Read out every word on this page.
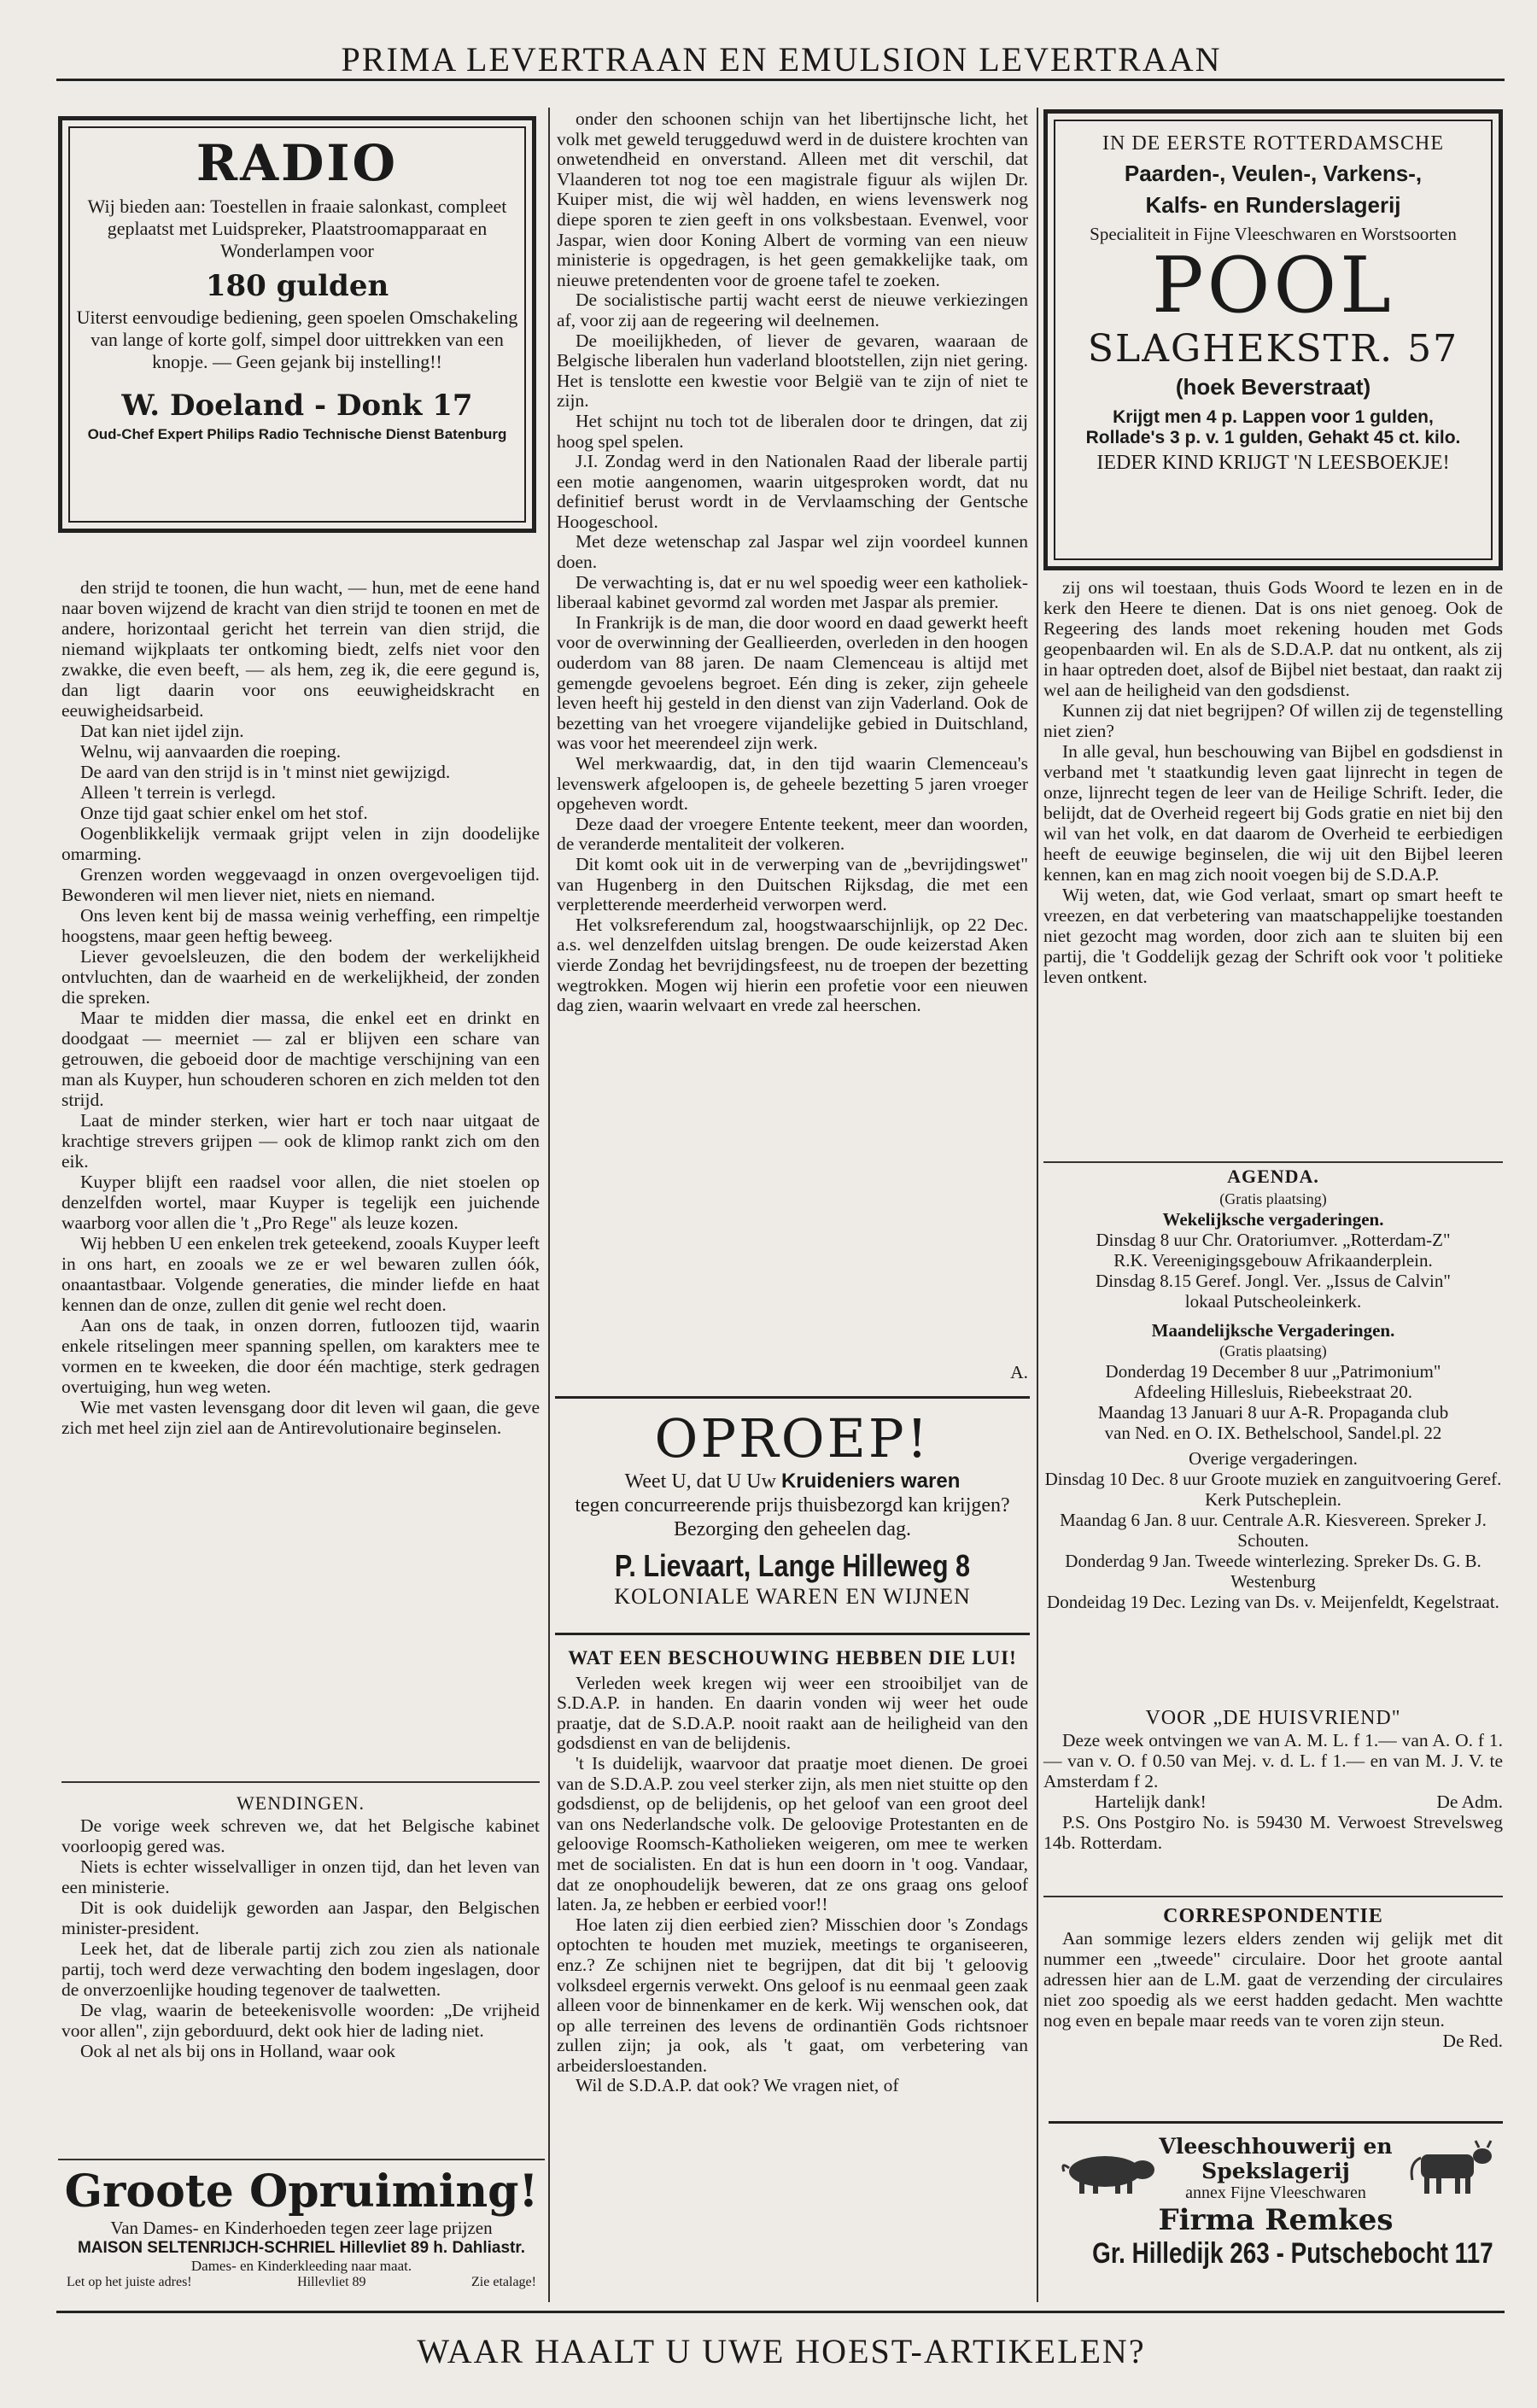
PRIMA LEVERTRAAN EN EMULSION LEVERTRAAN
RADIO
Wij bieden aan: Toestellen in fraaie salonkast, compleet geplaatst met Luidspreker, Plaatstroomapparaat en Wonderlampen voor
180 gulden
Uiterst eenvoudige bediening, geen spoelen Omschakeling van lange of korte golf, simpel door uittrekken van een knopje. — Geen gejank bij instelling!!
W. Doeland - Donk 17
Oud-Chef Expert Philips Radio Technische Dienst Batenburg

den strijd te toonen, die hun wacht, — hun, met de eene hand naar boven wijzend de kracht van dien strijd te toonen en met de andere, horizontaal gericht het terrein van dien strijd, die niemand wijkplaats ter ontkoming biedt, zelfs niet voor den zwakke, die even beeft, — als hem, zeg ik, die eere gegund is, dan ligt daarin voor ons eeuwigheidskracht en eeuwigheidsarbeid.

Dat kan niet ijdel zijn.

Welnu, wij aanvaarden die roeping.

De aard van den strijd is in 't minst niet gewijzigd.

Alleen 't terrein is verlegd.

Onze tijd gaat schier enkel om het stof.

Oogenblikkelijk vermaak grijpt velen in zijn doodelijke omarming.

Grenzen worden weggevaagd in onzen overgevoeligen tijd. Bewonderen wil men liever niet, niets en niemand.

Ons leven kent bij de massa weinig verheffing, een rimpeltje hoogstens, maar geen heftig beweeg.

Liever gevoelsleuzen, die den bodem der werkelijkheid ontvluchten, dan de waarheid en de werkelijkheid, der zonden die spreken.

Maar te midden dier massa, die enkel eet en drinkt en doodgaat — meerniet — zal er blijven een schare van getrouwen, die geboeid door de machtige verschijning van een man als Kuyper, hun schouderen schoren en zich melden tot den strijd.

Laat de minder sterken, wier hart er toch naar uitgaat de krachtige strevers grijpen — ook de klimop rankt zich om den eik.

Kuyper blijft een raadsel voor allen, die niet stoelen op denzelfden wortel, maar Kuyper is tegelijk een juichende waarborg voor allen die 't „Pro Rege" als leuze kozen.

Wij hebben U een enkelen trek geteekend, zooals Kuyper leeft in ons hart, en zooals we ze er wel bewaren zullen óók, onaantastbaar. Volgende generaties, die minder liefde en haat kennen dan de onze, zullen dit genie wel recht doen.

Aan ons de taak, in onzen dorren, futloozen tijd, waarin enkele ritselingen meer spanning spellen, om karakters mee te vormen en te kweeken, die door één machtige, sterk gedragen overtuiging, hun weg weten.

Wie met vasten levensgang door dit leven wil gaan, die geve zich met heel zijn ziel aan de Antirevolutionaire beginselen.

WENDINGEN.

De vorige week schreven we, dat het Belgische kabinet voorloopig gered was.

Niets is echter wisselvalliger in onzen tijd, dan het leven van een ministerie.

Dit is ook duidelijk geworden aan Jaspar, den Belgischen minister-president.

Leek het, dat de liberale partij zich zou zien als nationale partij, toch werd deze verwachting den bodem ingeslagen, door de onverzoenlijke houding tegenover de taalwetten.

De vlag, waarin de beteekenisvolle woorden: „De vrijheid voor allen", zijn geborduurd, dekt ook hier de lading niet.

Ook al net als bij ons in Holland, waar ook

Groote Opruiming!
Van Dames- en Kinderhoeden tegen zeer lage prijzen
MAISON SELTENRIJCH-SCHRIEL Hillevliet 89 h. Dahliastr.
Dames- en Kinderkleeding naar maat.
Let op het juiste adres!	Hillevliet 89	Zie etalage!

onder den schoonen schijn van het libertijnsche licht, het volk met geweld teruggeduwd werd in de duistere krochten van onwetendheid en onverstand. Alleen met dit verschil, dat Vlaanderen tot nog toe een magistrale figuur als wijlen Dr. Kuiper mist, die wij wèl hadden, en wiens levenswerk nog diepe sporen te zien geeft in ons volksbestaan. Evenwel, voor Jaspar, wien door Koning Albert de vorming van een nieuw ministerie is opgedragen, is het geen gemakkelijke taak, om nieuwe pretendenten voor de groene tafel te zoeken.

De socialistische partij wacht eerst de nieuwe verkiezingen af, voor zij aan de regeering wil deelnemen.

De moeilijkheden, of liever de gevaren, waaraan de Belgische liberalen hun vaderland blootstellen, zijn niet gering. Het is tenslotte een kwestie voor België van te zijn of niet te zijn.

Het schijnt nu toch tot de liberalen door te dringen, dat zij hoog spel spelen.

J.I. Zondag werd in den Nationalen Raad der liberale partij een motie aangenomen, waarin uitgesproken wordt, dat nu definitief berust wordt in de Vervlaamsching der Gentsche Hoogeschool.

Met deze wetenschap zal Jaspar wel zijn voordeel kunnen doen.

De verwachting is, dat er nu wel spoedig weer een katholiek-liberaal kabinet gevormd zal worden met Jaspar als premier.

In Frankrijk is de man, die door woord en daad gewerkt heeft voor de overwinning der Geallieerden, overleden in den hoogen ouderdom van 88 jaren. De naam Clemenceau is altijd met gemengde gevoelens begroet. Eén ding is zeker, zijn geheele leven heeft hij gesteld in den dienst van zijn Vaderland. Ook de bezetting van het vroegere vijandelijke gebied in Duitschland, was voor het meerendeel zijn werk.

Wel merkwaardig, dat, in den tijd waarin Clemenceau's levenswerk afgeloopen is, de geheele bezetting 5 jaren vroeger opgeheven wordt.

Deze daad der vroegere Entente teekent, meer dan woorden, de veranderde mentaliteit der volkeren.

Dit komt ook uit in de verwerping van de „bevrijdingswet" van Hugenberg in den Duitschen Rijksdag, die met een verpletterende meerderheid verworpen werd.

Het volksreferendum zal, hoogstwaarschijnlijk, op 22 Dec. a.s. wel denzelfden uitslag brengen. De oude keizerstad Aken vierde Zondag het bevrijdingsfeest, nu de troepen der bezetting wegtrokken. Mogen wij hierin een profetie voor een nieuwen dag zien, waarin welvaart en vrede zal heerschen.

A.
OPROEP!
Weet U, dat U Uw Kruideniers waren
tegen concurreerende prijs thuisbezorgd kan krijgen? Bezorging den geheelen dag.
P. Lievaart, Lange Hilleweg 8
KOLONIALE WAREN EN WIJNEN
WAT EEN BESCHOUWING HEBBEN DIE LUI!

Verleden week kregen wij weer een strooibiljet van de S.D.A.P. in handen. En daarin vonden wij weer het oude praatje, dat de S.D.A.P. nooit raakt aan de heiligheid van den godsdienst en van de belijdenis.

't Is duidelijk, waarvoor dat praatje moet dienen. De groei van de S.D.A.P. zou veel sterker zijn, als men niet stuitte op den godsdienst, op de belijdenis, op het geloof van een groot deel van ons Nederlandsche volk. De geloovige Protestanten en de geloovige Roomsch-Katholieken weigeren, om mee te werken met de socialisten. En dat is hun een doorn in 't oog. Vandaar, dat ze onophoudelijk beweren, dat ze ons graag ons geloof laten. Ja, ze hebben er eerbied voor!!

Hoe laten zij dien eerbied zien? Misschien door 's Zondags optochten te houden met muziek, meetings te organiseeren, enz.? Ze schijnen niet te begrijpen, dat dit bij 't geloovig volksdeel ergernis verwekt. Ons geloof is nu eenmaal geen zaak alleen voor de binnenkamer en de kerk. Wij wenschen ook, dat op alle terreinen des levens de ordinantiën Gods richtsnoer zullen zijn; ja ook, als 't gaat, om verbetering van arbeidersloestanden.

Wil de S.D.A.P. dat ook? We vragen niet, of

IN DE EERSTE ROTTERDAMSCHE
Paarden-, Veulen-, Varkens-,
Kalfs- en Runderslagerij
Specialiteit in Fijne Vleeschwaren en Worstsoorten
POOL
SLAGHEKSTR. 57
(hoek Beverstraat)
Krijgt men 4 p. Lappen voor 1 gulden,
Rollade's 3 p. v. 1 gulden, Gehakt 45 ct. kilo.
IEDER KIND KRIJGT 'N LEESBOEKJE!

zij ons wil toestaan, thuis Gods Woord te lezen en in de kerk den Heere te dienen. Dat is ons niet genoeg. Ook de Regeering des lands moet rekening houden met Gods geopenbaarden wil. En als de S.D.A.P. dat nu ontkent, als zij in haar optreden doet, alsof de Bijbel niet bestaat, dan raakt zij wel aan de heiligheid van den godsdienst.

Kunnen zij dat niet begrijpen? Of willen zij de tegenstelling niet zien?

In alle geval, hun beschouwing van Bijbel en godsdienst in verband met 't staatkundig leven gaat lijnrecht in tegen de onze, lijnrecht tegen de leer van de Heilige Schrift. Ieder, die belijdt, dat de Overheid regeert bij Gods gratie en niet bij den wil van het volk, en dat daarom de Overheid te eerbiedigen heeft de eeuwige beginselen, die wij uit den Bijbel leeren kennen, kan en mag zich nooit voegen bij de S.D.A.P.

Wij weten, dat, wie God verlaat, smart op smart heeft te vreezen, en dat verbetering van maatschappelijke toestanden niet gezocht mag worden, door zich aan te sluiten bij een partij, die 't Goddelijk gezag der Schrift ook voor 't politieke leven ontkent.

AGENDA.
(Gratis plaatsing)
Wekelijksche vergaderingen.
Dinsdag 8 uur Chr. Oratoriumver. „Rotterdam-Z"
R.K. Vereenigingsgebouw Afrikaanderplein.
Dinsdag 8.15 Geref. Jongl. Ver. „Issus de Calvin"
lokaal Putscheoleinkerk.
Maandelijksche Vergaderingen.
(Gratis plaatsing)
Donderdag 19 December 8 uur „Patrimonium"
Afdeeling Hillesluis, Riebeekstraat 20.
Maandag 13 Januari 8 uur A-R. Propaganda club
van Ned. en O. IX. Bethelschool, Sandel.pl. 22
Overige vergaderingen.
Dinsdag 10 Dec. 8 uur Groote muziek en zanguitvoering Geref. Kerk Putscheplein.
Maandag 6 Jan. 8 uur. Centrale A.R. Kiesvereen. Spreker J. Schouten.
Donderdag 9 Jan. Tweede winterlezing. Spreker Ds. G. B. Westenburg
Dondeidag 19 Dec. Lezing van Ds. v. Meijenfeldt, Kegelstraat.
VOOR „DE HUISVRIEND"

Deze week ontvingen we van A. M. L. f 1.— van A. O. f 1.— van v. O. f 0.50 van Mej. v. d. L. f 1.— en van M. J. V. te Amsterdam f 2.

Hartelijk dank!	De Adm.

P.S. Ons Postgiro No. is 59430 M. Verwoest Strevelsweg 14b. Rotterdam.

CORRESPONDENTIE

Aan sommige lezers elders zenden wij gelijk met dit nummer een „tweede" circulaire. Door het groote aantal adressen hier aan de L.M. gaat de verzending der circulaires niet zoo spoedig als we eerst hadden gedacht. Men wachtte nog even en bepale maar reeds van te voren zijn steun.

De Red.
Vleeschhouwerij en
Spekslagerij
annex Fijne Vleeschwaren
Firma Remkes
Gr. Hilledijk 263 - Putschebocht 117
WAAR HAALT U UWE HOEST-ARTIKELEN?
